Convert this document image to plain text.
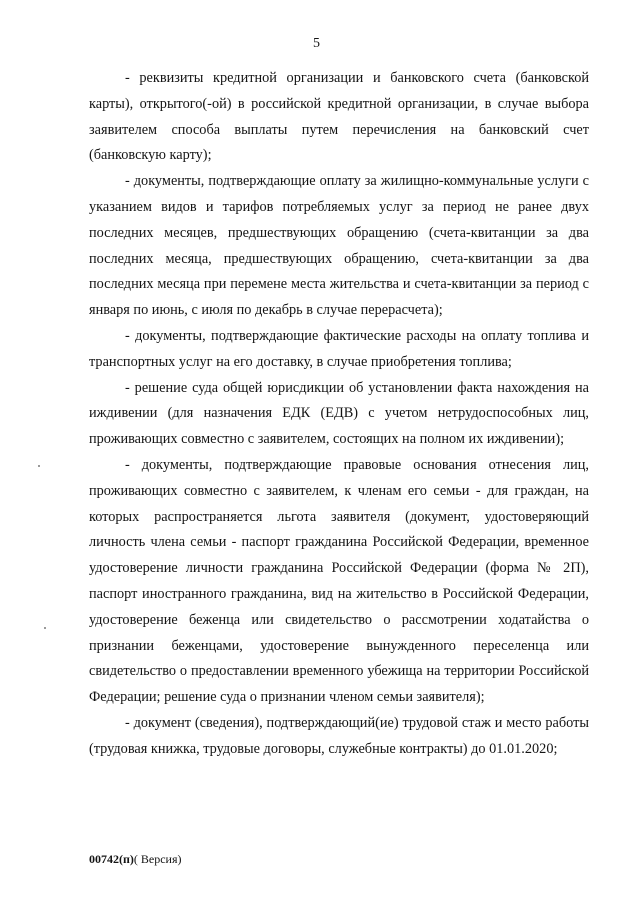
5

- реквизиты кредитной организации и банковского счета (банковской карты), открытого(-ой) в российской кредитной организации, в случае выбора заявителем способа выплаты путем перечисления на банковский счет (банковскую карту);

- документы, подтверждающие оплату за жилищно-коммунальные услуги с указанием видов и тарифов потребляемых услуг за период не ранее двух последних месяцев, предшествующих обращению (счета-квитанции за два последних месяца, предшествующих обращению, счета-квитанции за два последних месяца при перемене места жительства и счета-квитанции за период с января по июнь, с июля по декабрь в случае перерасчета);

- документы, подтверждающие фактические расходы на оплату топлива и транспортных услуг на его доставку, в случае приобретения топлива;

- решение суда общей юрисдикции об установлении факта нахождения на иждивении (для назначения ЕДК (ЕДВ) с учетом нетрудоспособных лиц, проживающих совместно с заявителем, состоящих на полном их иждивении);

- документы, подтверждающие правовые основания отнесения лиц, проживающих совместно с заявителем, к членам его семьи - для граждан, на которых распространяется льгота заявителя (документ, удостоверяющий личность члена семьи - паспорт гражданина Российской Федерации, временное удостоверение личности гражданина Российской Федерации (форма № 2П), паспорт иностранного гражданина, вид на жительство в Российской Федерации, удостоверение беженца или свидетельство о рассмотрении ходатайства о признании беженцами, удостоверение вынужденного переселенца или свидетельство о предоставлении временного убежища на территории Российской Федерации; решение суда о признании членом семьи заявителя);

- документ (сведения), подтверждающий(ие) трудовой стаж и место работы (трудовая книжка, трудовые договоры, служебные контракты) до 01.01.2020;

00742(п)( Версия)
